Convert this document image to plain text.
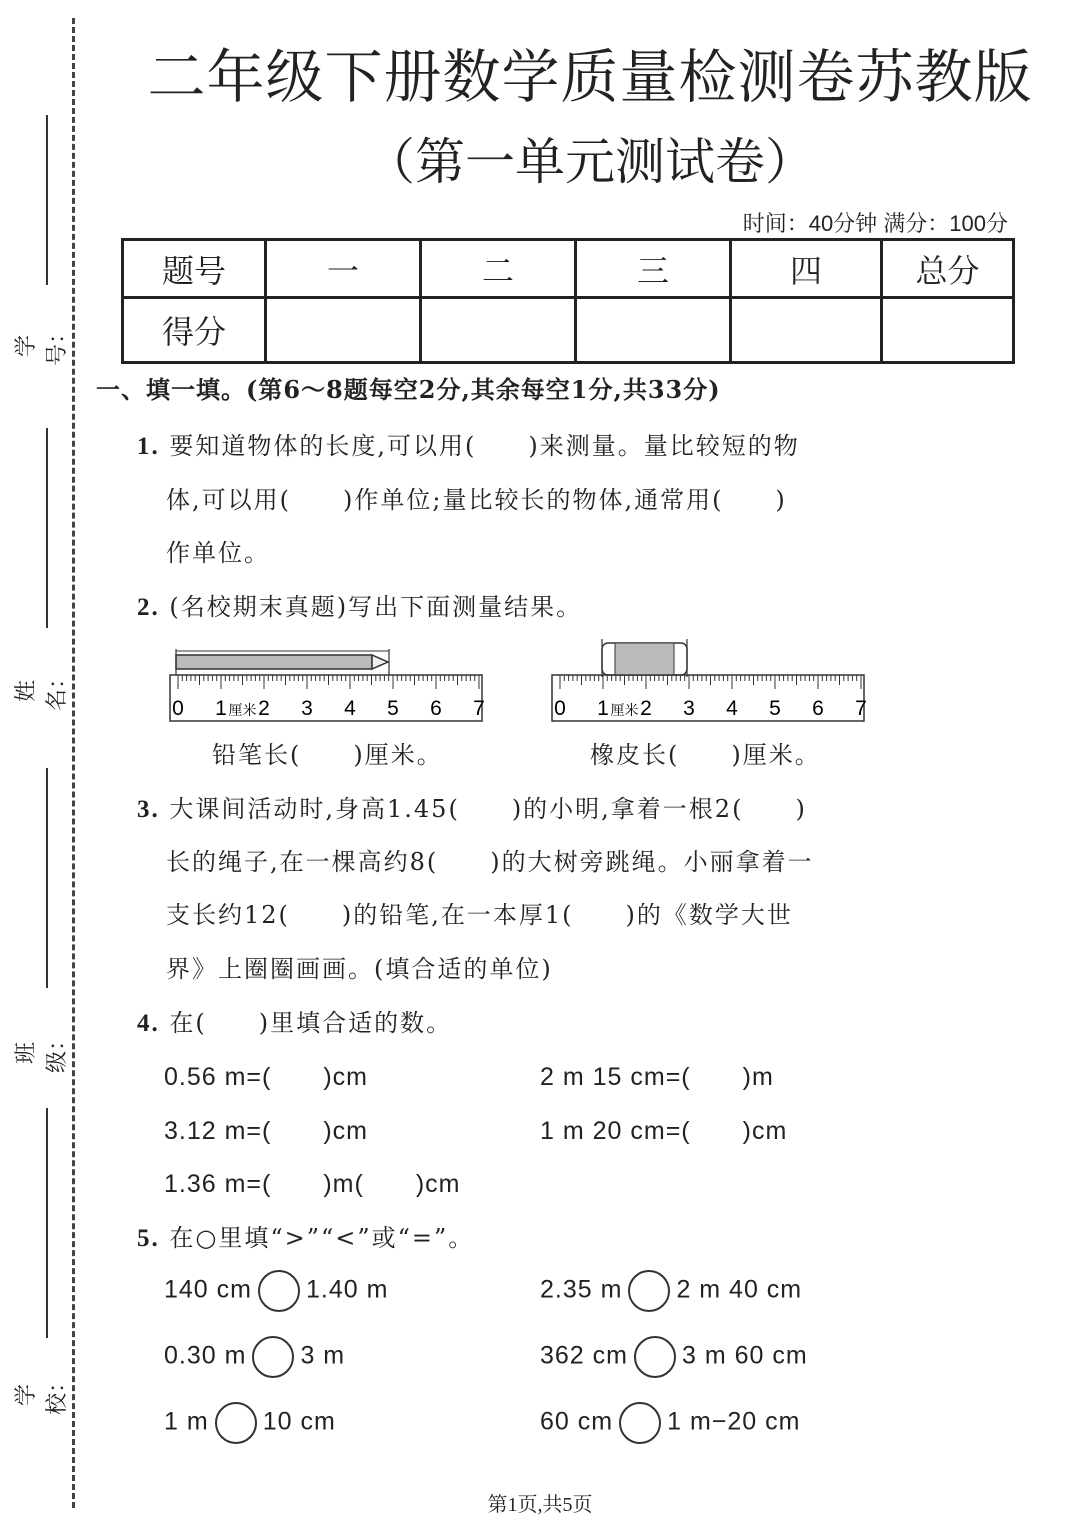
学号：
姓名：
班级：
学校：
二年级下册数学质量检测卷苏教版
（第一单元测试卷）
时间：40分钟 满分：100分
题号	一	二	三	四	总分
得分					
一、填一填。(第6～8题每空2分,其余每空1分,共33分)
1. 要知道物体的长度,可以用(　　)来测量。量比较短的物
体,可以用(　　)作单位;量比较长的物体,通常用(　　)
作单位。
2. (名校期末真题)写出下面测量结果。
0 1 2 3 4 5 6 7
厘米	0 1 2 3 4 5 6 7
厘米
铅笔长(　　)厘米。	橡皮长(　　)厘米。
3. 大课间活动时,身高1.45(　　)的小明,拿着一根2(　　)
长的绳子,在一棵高约8(　　)的大树旁跳绳。小丽拿着一
支长约12(　　)的铅笔,在一本厚1(　　)的《数学大世
界》上圈圈画画。(填合适的单位)
4. 在(　　)里填合适的数。
0.56 m=(　　)cm	2 m 15 cm=(　　)m
3.12 m=(　　)cm	1 m 20 cm=(　　)cm
1.36 m=(　　)m(　　)cm
5. 在○里填“>”“<”或“=”。
140 cm 1.40 m	2.35 m 2 m 40 cm
0.30 m 3 m	362 cm 3 m 60 cm
1 m 10 cm	60 cm 1 m−20 cm
第1页,共5页
